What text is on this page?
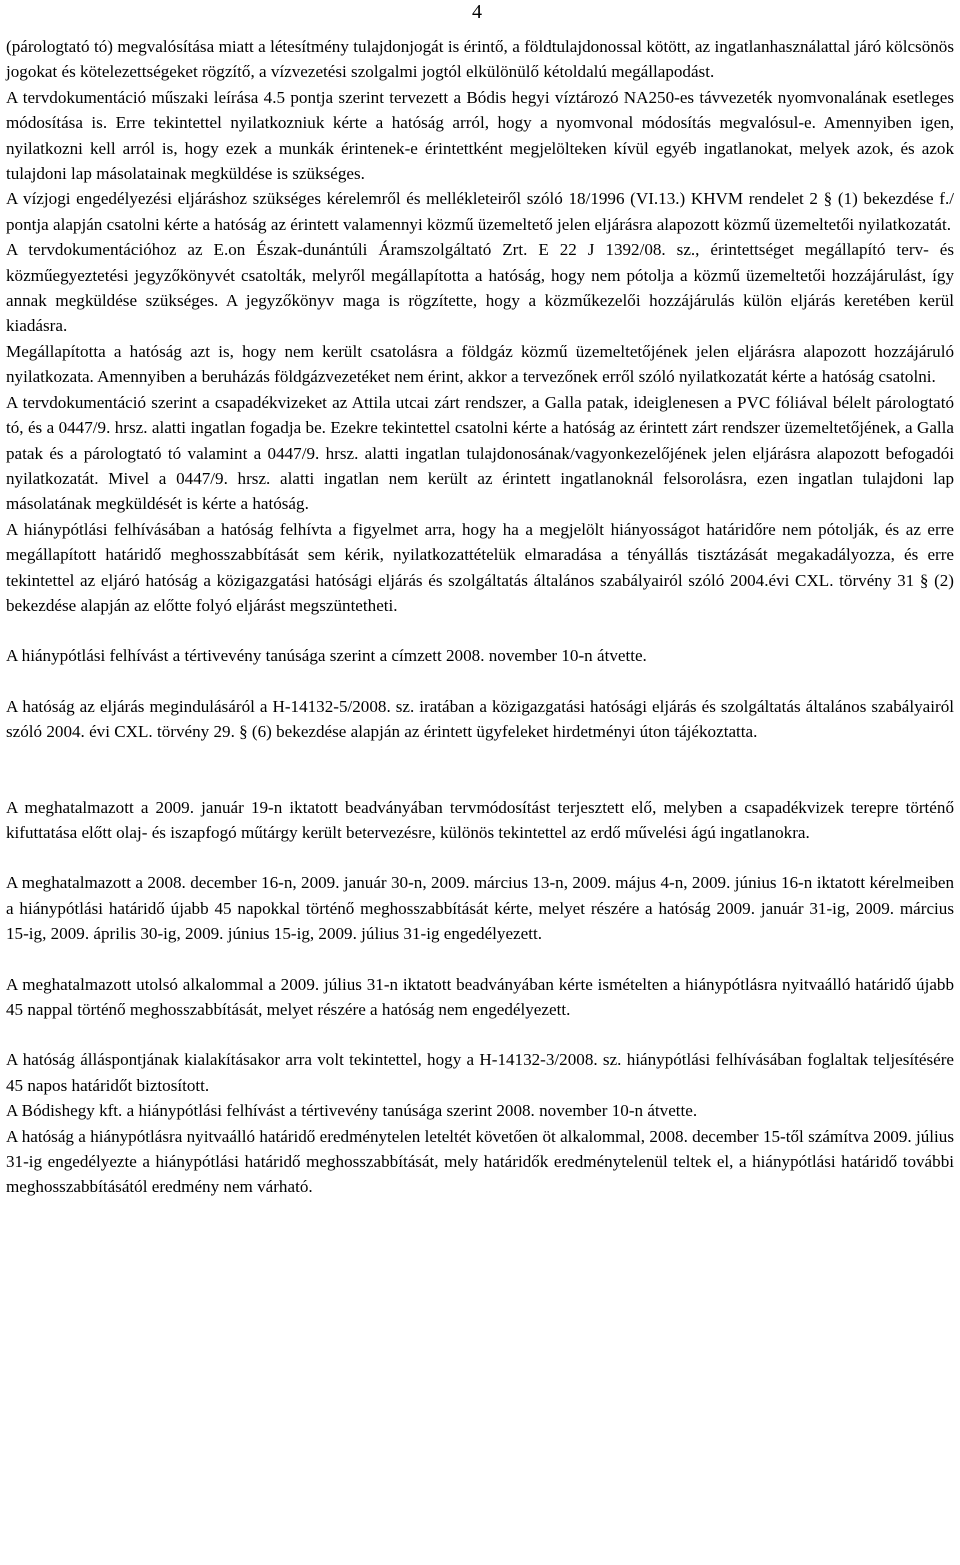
4

(párologtató tó) megvalósítása miatt a létesítmény tulajdonjogát is érintő, a földtulajdonossal kötött, az ingatlanhasználattal járó kölcsönös jogokat és kötelezettségeket rögzítő, a vízvezetési szolgalmi jogtól elkülönülő kétoldalú megállapodást.

A tervdokumentáció műszaki leírása 4.5 pontja szerint tervezett a Bódis hegyi víztározó NA250-es távvezeték nyomvonalának esetleges módosítása is. Erre tekintettel nyilatkozniuk kérte a hatóság arról, hogy a nyomvonal módosítás megvalósul-e. Amennyiben igen, nyilatkozni kell arról is, hogy ezek a munkák érintenek-e érintettként megjelölteken kívül egyéb ingatlanokat, melyek azok, és azok tulajdoni lap másolatainak megküldése is szükséges.

A vízjogi engedélyezési eljáráshoz szükséges kérelemről és mellékleteiről szóló 18/1996 (VI.13.) KHVM rendelet 2 § (1) bekezdése f./ pontja alapján csatolni kérte a hatóság az érintett valamennyi közmű üzemeltető jelen eljárásra alapozott közmű üzemeltetői nyilatkozatát.

A tervdokumentációhoz az E.on Észak-dunántúli Áramszolgáltató Zrt. E 22 J 1392/08. sz., érintettséget megállapító terv- és közműegyeztetési jegyzőkönyvét csatolták, melyről megállapította a hatóság, hogy nem pótolja a közmű üzemeltetői hozzájárulást, így annak megküldése szükséges. A jegyzőkönyv maga is rögzítette, hogy a közműkezelői hozzájárulás külön eljárás keretében kerül kiadásra.

Megállapította a hatóság azt is, hogy nem került csatolásra a földgáz közmű üzemeltetőjének jelen eljárásra alapozott hozzájáruló nyilatkozata. Amennyiben a beruházás földgázvezetéket nem érint, akkor a tervezőnek erről szóló nyilatkozatát kérte a hatóság csatolni.

A tervdokumentáció szerint a csapadékvizeket az Attila utcai zárt rendszer, a Galla patak, ideiglenesen a PVC fóliával bélelt párologtató tó, és a 0447/9. hrsz. alatti ingatlan fogadja be. Ezekre tekintettel csatolni kérte a hatóság az érintett zárt rendszer üzemeltetőjének, a Galla patak és a párologtató tó valamint a 0447/9. hrsz. alatti ingatlan tulajdonosának/vagyonkezelőjének jelen eljárásra alapozott befogadói nyilatkozatát. Mivel a 0447/9. hrsz. alatti ingatlan nem került az érintett ingatlanoknál felsorolásra, ezen ingatlan tulajdoni lap másolatának megküldését is kérte a hatóság.

A hiánypótlási felhívásában a hatóság felhívta a figyelmet arra, hogy ha a megjelölt hiányosságot határidőre nem pótolják, és az erre megállapított határidő meghosszabbítását sem kérik, nyilatkozattételük elmaradása a tényállás tisztázását megakadályozza, és erre tekintettel az eljáró hatóság a közigazgatási hatósági eljárás és szolgáltatás általános szabályairól szóló 2004.évi CXL. törvény 31 § (2) bekezdése alapján az előtte folyó eljárást megszüntetheti.

A hiánypótlási felhívást a tértivevény tanúsága szerint a címzett 2008. november 10-n átvette.

A hatóság az eljárás megindulásáról a H-14132-5/2008. sz. iratában a közigazgatási hatósági eljárás és szolgáltatás általános szabályairól szóló 2004. évi CXL. törvény 29. § (6) bekezdése alapján az érintett ügyfeleket hirdetményi úton tájékoztatta.

A meghatalmazott a 2009. január 19-n iktatott beadványában tervmódosítást terjesztett elő, melyben a csapadékvizek terepre történő kifuttatása előtt olaj- és iszapfogó műtárgy került betervezésre, különös tekintettel az erdő művelési ágú ingatlanokra.

A meghatalmazott a 2008. december 16-n, 2009. január 30-n, 2009. március 13-n, 2009. május 4-n, 2009. június 16-n iktatott kérelmeiben a hiánypótlási határidő újabb 45 napokkal történő meghosszabbítását kérte, melyet részére a hatóság 2009. január 31-ig, 2009. március 15-ig, 2009. április 30-ig, 2009. június 15-ig, 2009. július 31-ig engedélyezett.

A meghatalmazott utolsó alkalommal a 2009. július 31-n iktatott beadványában kérte ismételten a hiánypótlásra nyitvaálló határidő újabb 45 nappal történő meghosszabbítását, melyet részére a hatóság nem engedélyezett.

A hatóság álláspontjának kialakításakor arra volt tekintettel, hogy a H-14132-3/2008. sz. hiánypótlási felhívásában foglaltak teljesítésére 45 napos határidőt biztosított.

A Bódishegy kft. a hiánypótlási felhívást a tértivevény tanúsága szerint 2008. november 10-n átvette.

A hatóság a hiánypótlásra nyitvaálló határidő eredménytelen leteltét követően öt alkalommal, 2008. december 15-től számítva 2009. július 31-ig engedélyezte a hiánypótlási határidő meghosszabbítását, mely határidők eredménytelenül teltek el, a hiánypótlási határidő további meghosszabbításától eredmény nem várható.
